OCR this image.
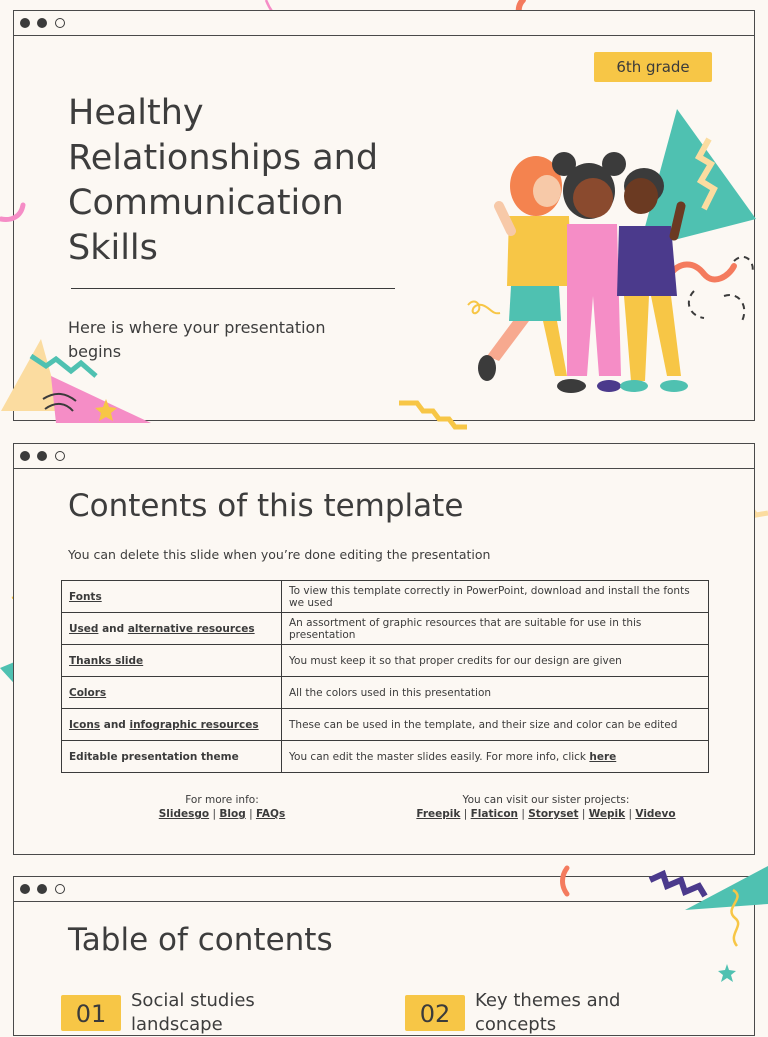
Healthy Relationships and Communication Skills
Here is where your presentation begins
6th grade
Contents of this template
You can delete this slide when you’re done editing the presentation
Fonts	To view this template correctly in PowerPoint, download and install the fonts we used
Used and alternative resources	An assortment of graphic resources that are suitable for use in this presentation
Thanks slide	You must keep it so that proper credits for our design are given
Colors	All the colors used in this presentation
Icons and infographic resources	These can be used in the template, and their size and color can be edited
Editable presentation theme	You can edit the master slides easily. For more info, click here
For more info:
Slidesgo | Blog | FAQs
You can visit our sister projects:
Freepik | Flaticon | Storyset | Wepik | Videvo
Table of contents
01	Social studies landscape	02	Key themes and concepts
